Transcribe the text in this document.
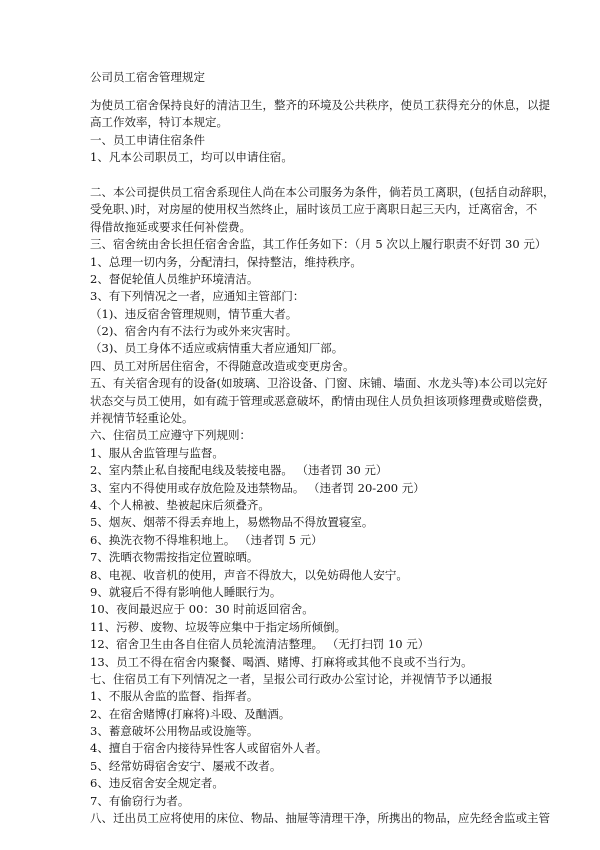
公司员工宿舍管理规定
为使员工宿舍保持良好的清洁卫生，整齐的环境及公共秩序，使员工获得充分的休息，以提
高工作效率，特订本规定。
一、员工申请住宿条件
1、凡本公司职员工，均可以申请住宿。
二、本公司提供员工宿舍系现住人尚在本公司服务为条件，倘若员工离职，(包括自动辞职，
受免职、)时，对房屋的使用权当然终止，届时该员工应于离职日起三天内，迁离宿舍，不
得借故拖延或要求任何补偿费。
三、宿舍统由舍长担任宿舍舍监，其工作任务如下：（月 5 次以上履行职责不好罚 30 元）
1、总理一切内务，分配清扫，保持整洁，维持秩序。
2、督促轮值人员维护环境清洁。
3、有下列情况之一者，应通知主管部门：
（1)、违反宿舍管理规则，情节重大者。
（2)、宿舍内有不法行为或外来灾害时。
（3)、员工身体不适应或病情重大者应通知厂部。
四、员工对所居住宿舍，不得随意改造或变更房舍。
五、有关宿舍现有的设备(如玻璃、卫浴设备、门窗、床铺、墙面、水龙头等)本公司以完好
状态交与员工使用，如有疏于管理或恶意破坏，酌情由现住人员负担该项修理费或赔偿费，
并视情节轻重论处。
六、住宿员工应遵守下列规则：
1、服从舍监管理与监督。
2、室内禁止私自接配电线及装接电器。 （违者罚 30 元）
3、室内不得使用或存放危险及违禁物品。 （违者罚 20-200 元）
4、个人棉被、垫被起床后须叠齐。
5、烟灰、烟蒂不得丢弃地上，易燃物品不得放置寝室。
6、换洗衣物不得堆积地上。 （违者罚 5 元）
7、洗晒衣物需按指定位置晾晒。
8、电视、收音机的使用，声音不得放大，以免妨碍他人安宁。
9、就寝后不得有影响他人睡眠行为。
10、夜间最迟应于 00：30 时前返回宿舍。
11、污秽、废物、垃圾等应集中于指定场所倾倒。
12、宿舍卫生由各自住宿人员轮流清洁整理。 （无打扫罚 10 元）
13、员工不得在宿舍内聚餐、喝酒、赌博、打麻将或其他不良或不当行为。
七、住宿员工有下列情况之一者，呈报公司行政办公室讨论，并视情节予以通报
1、不服从舍监的监督、指挥者。
2、在宿舍赌博(打麻将)斗殴、及酗酒。
3、蓄意破坏公用物品或设施等。
4、擅自于宿舍内接待异性客人或留宿外人者。
5、经常妨碍宿舍安宁、屡戒不改者。
6、违反宿舍安全规定者。
7、有偷窃行为者。
八、迁出员工应将使用的床位、物品、抽屉等清理干净，所携出的物品，应先经舍监或主管
